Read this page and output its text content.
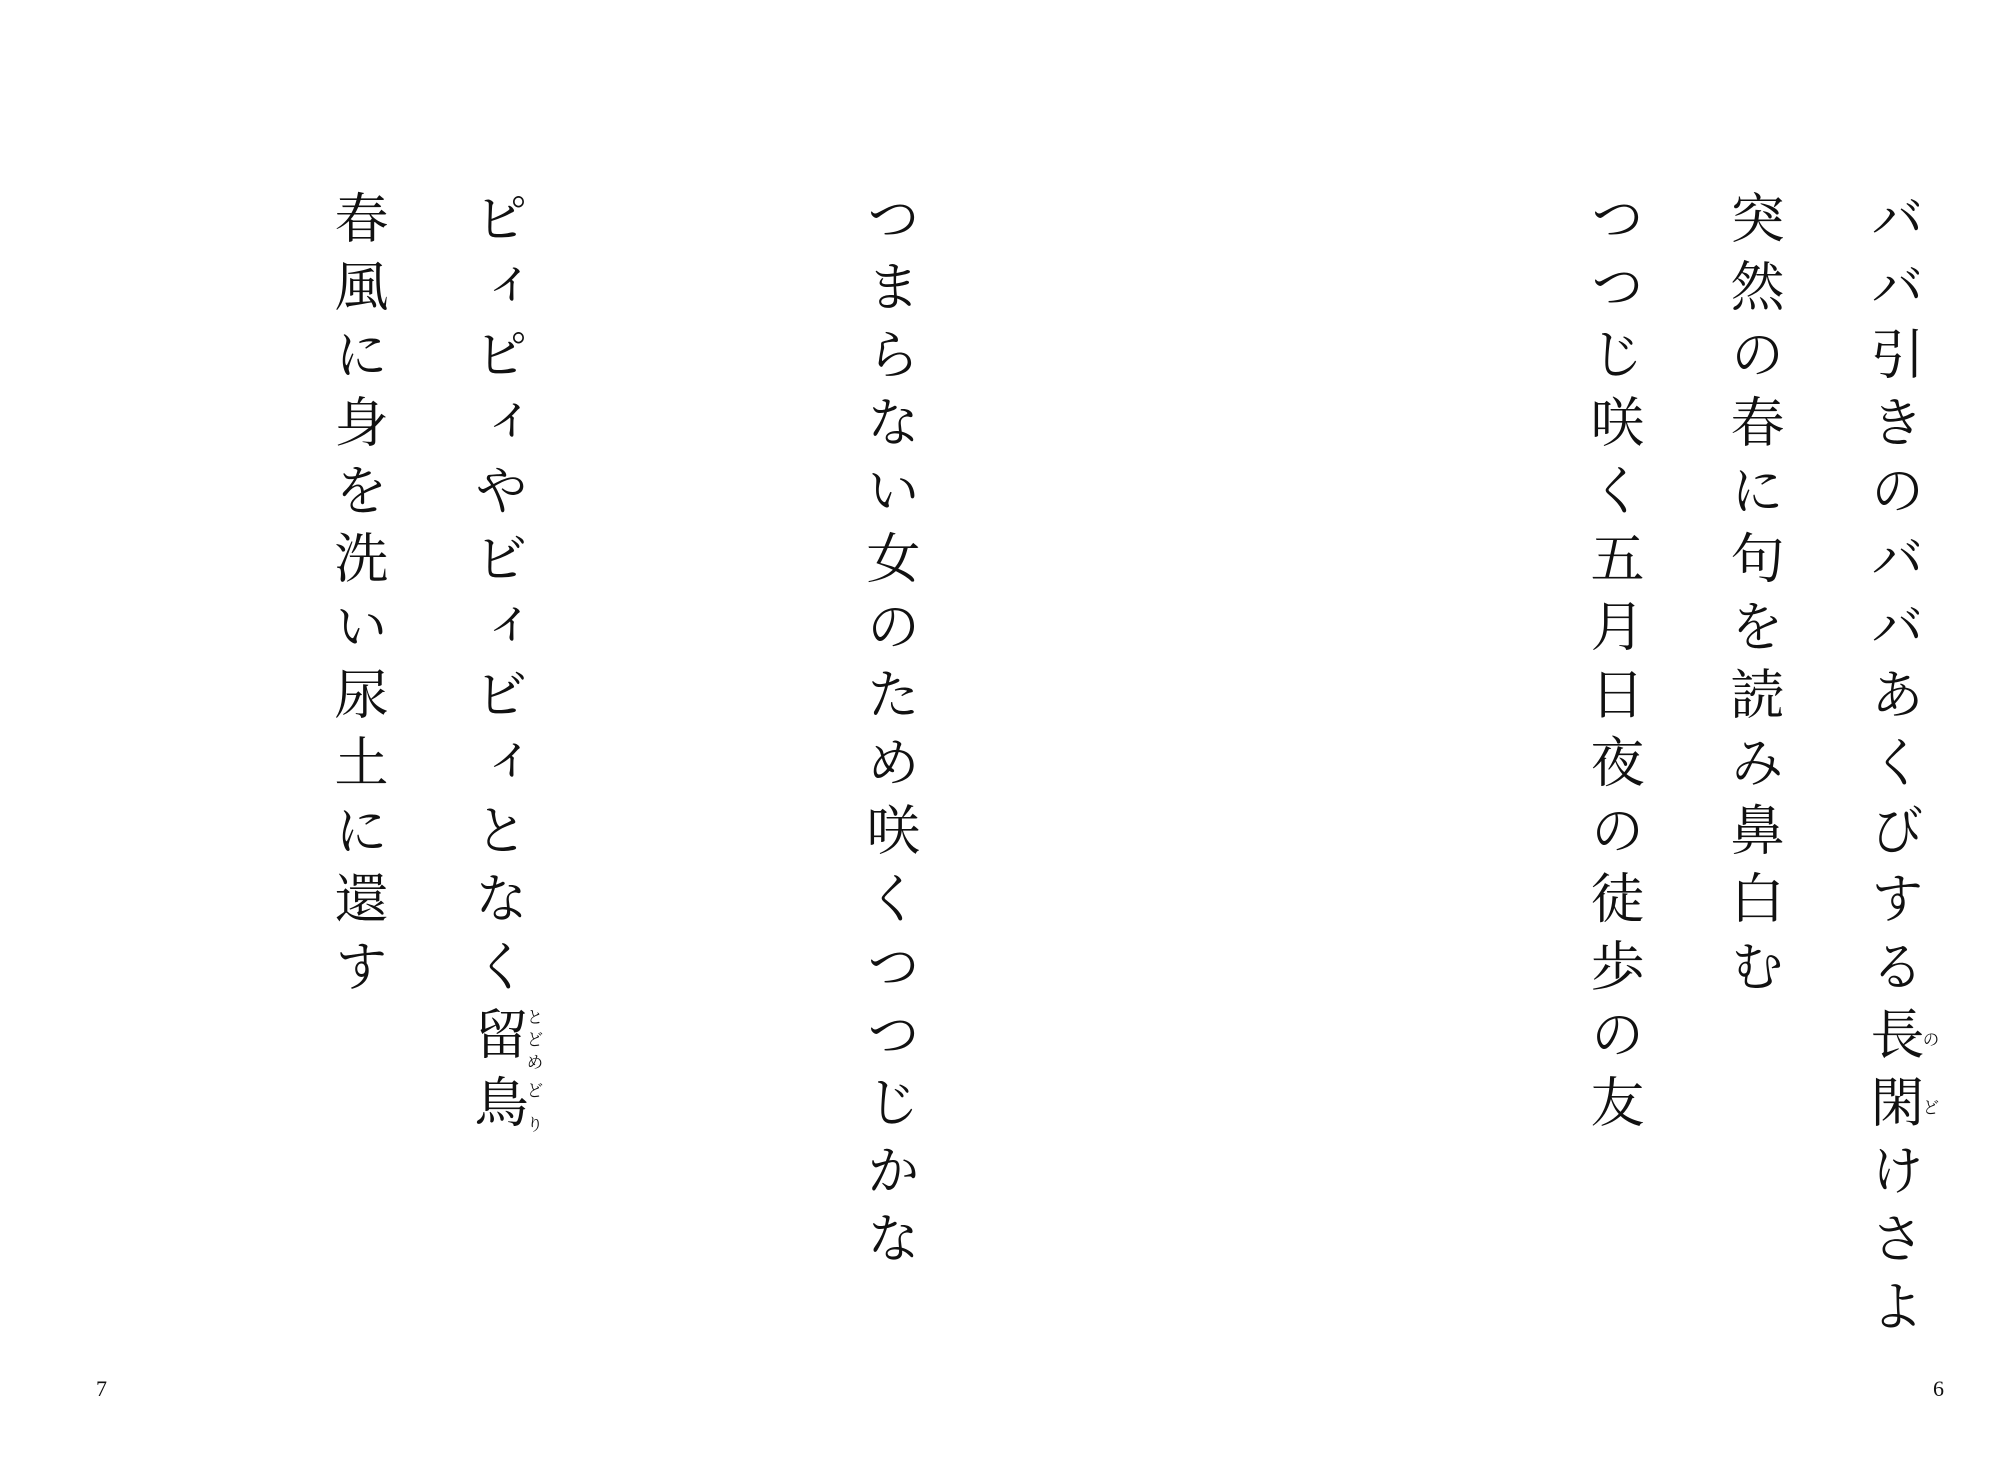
ババ引きのババあくびする長の閑どけさよ
突然の春に句を読み鼻白む
つつじ咲く五月日夜の徒歩の友
6
つまらない女のため咲くつつじかな
ピィピィやビィビィとなく留とどめ鳥どり
春風に身を洗い尿土に還す
7
